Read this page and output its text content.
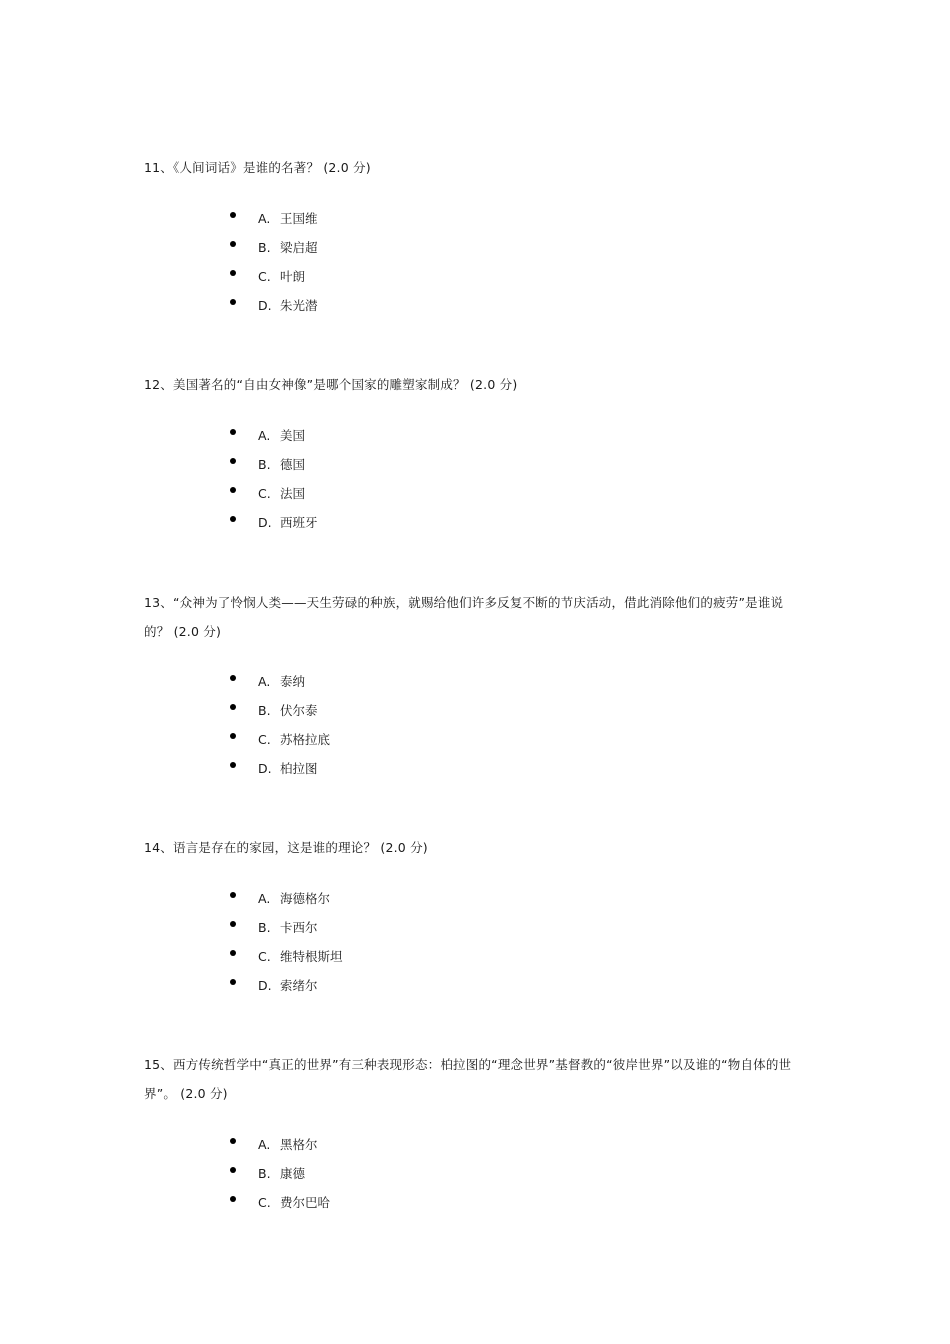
11、《人间词话》是谁的名著？ (2.0 分)
A. 王国维
B. 梁启超
C. 叶朗
D. 朱光潜
12、美国著名的“自由女神像”是哪个国家的雕塑家制成？ (2.0 分)
A. 美国
B. 德国
C. 法国
D. 西班牙
13、“众神为了怜悯人类——天生劳碌的种族，就赐给他们许多反复不断的节庆活动，借此消除他们的疲劳”是谁说的？ (2.0 分)
A. 泰纳
B. 伏尔泰
C. 苏格拉底
D. 柏拉图
14、语言是存在的家园，这是谁的理论？ (2.0 分)
A. 海德格尔
B. 卡西尔
C. 维特根斯坦
D. 索绪尔
15、西方传统哲学中“真正的世界”有三种表现形态：柏拉图的“理念世界”基督教的“彼岸世界”以及谁的“物自体的世界”。 (2.0 分)
A. 黑格尔
B. 康德
C. 费尔巴哈
